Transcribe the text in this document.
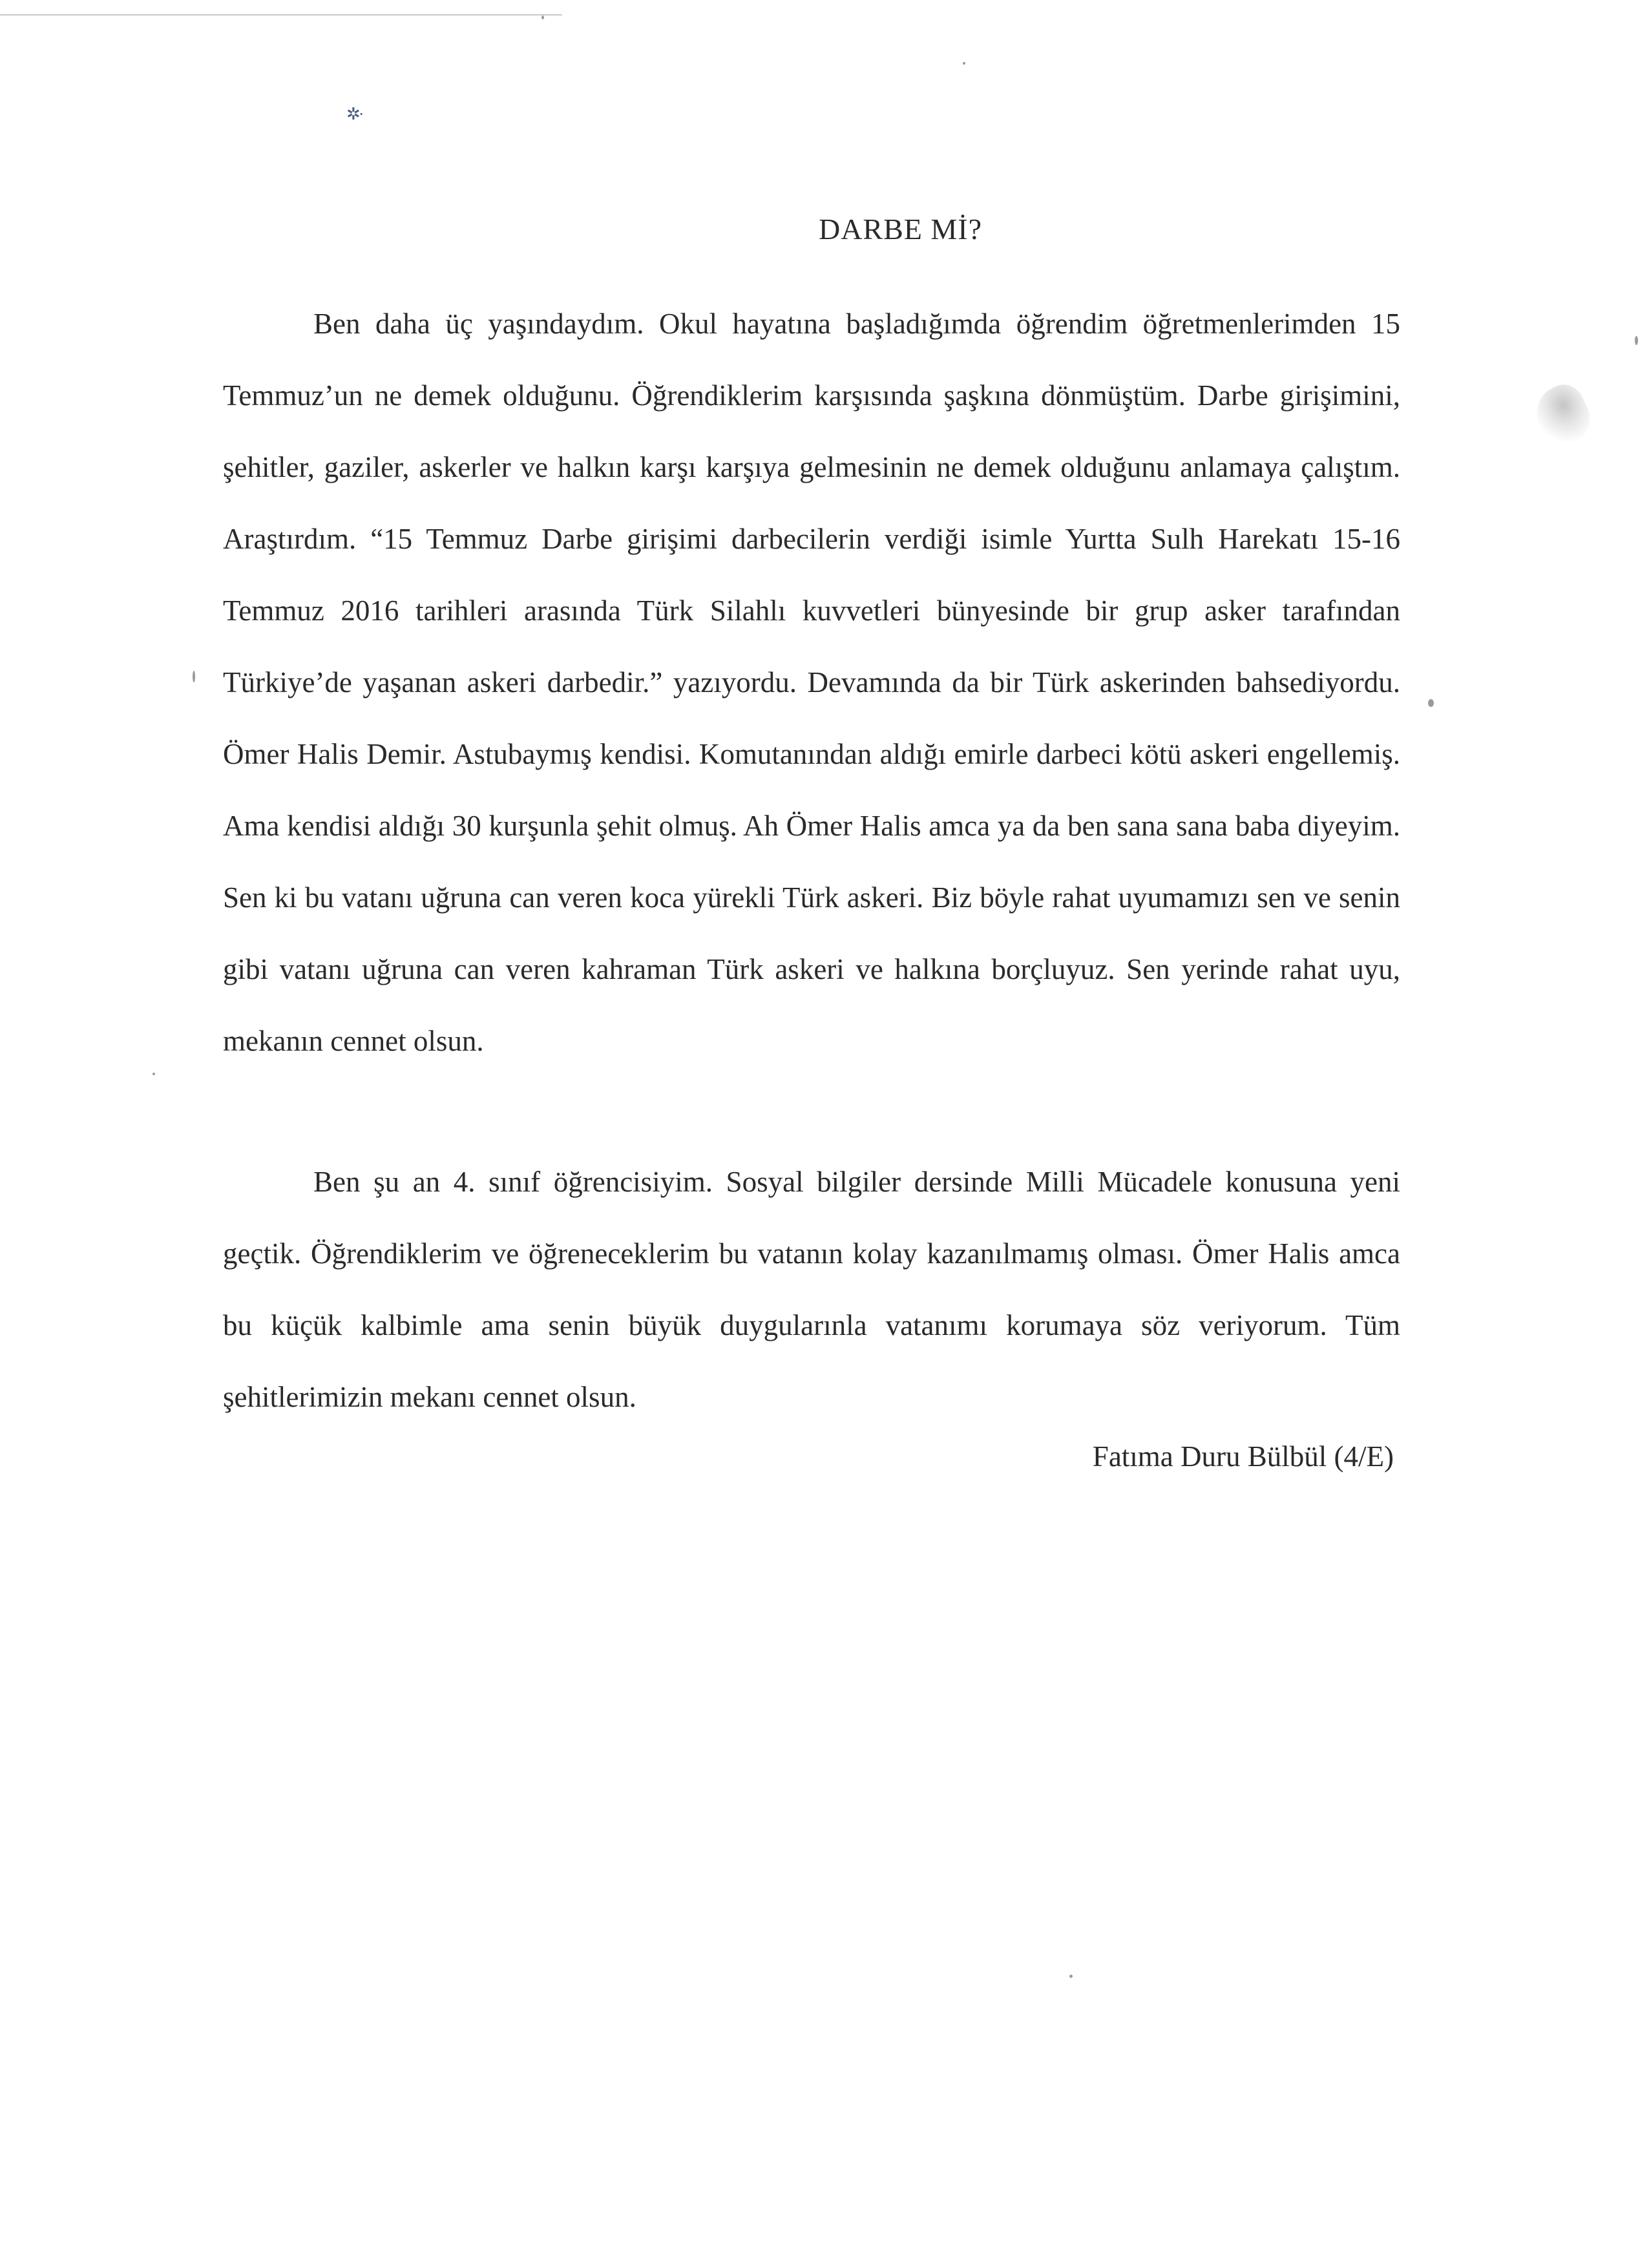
✲·
DARBE Mİ?

Ben daha üç yaşındaydım. Okul hayatına başladığımda öğrendim öğretmenlerimden 15 Temmuz’un ne demek olduğunu. Öğrendiklerim karşısında şaşkına dönmüştüm. Darbe girişimini, şehitler, gaziler, askerler ve halkın karşı karşıya gelmesinin ne demek olduğunu anlamaya çalıştım. Araştırdım. “15 Temmuz Darbe girişimi darbecilerin verdiği isimle Yurtta Sulh Harekatı 15-16 Temmuz 2016 tarihleri arasında Türk Silahlı kuvvetleri bünyesinde bir grup asker tarafından Türkiye’de yaşanan askeri darbedir.” yazıyordu. Devamında da bir Türk askerinden bahsediyordu. Ömer Halis Demir. Astubaymış kendisi. Komutanından aldığı emirle darbeci kötü askeri engellemiş. Ama kendisi aldığı 30 kurşunla şehit olmuş. Ah Ömer Halis amca ya da ben sana sana baba diyeyim. Sen ki bu vatanı uğruna can veren koca yürekli Türk askeri. Biz böyle rahat uyumamızı sen ve senin gibi vatanı uğruna can veren kahraman Türk askeri ve halkına borçluyuz. Sen yerinde rahat uyu, mekanın cennet olsun.

Ben şu an 4. sınıf öğrencisiyim. Sosyal bilgiler dersinde Milli Mücadele konusuna yeni geçtik. Öğrendiklerim ve öğreneceklerim bu vatanın kolay kazanılmamış olması. Ömer Halis amca bu küçük kalbimle ama senin büyük duygularınla vatanımı korumaya söz veriyorum. Tüm şehitlerimizin mekanı cennet olsun.

Fatıma Duru Bülbül (4/E)
